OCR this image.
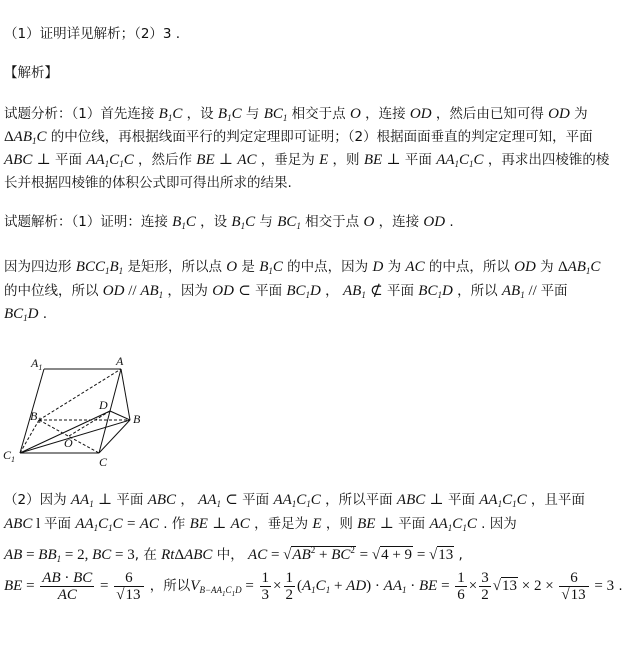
（1）证明详见解析；（2）3 .
【解析】
试题分析：（1）首先连接 $B_1C$ ，设 $B_1C$ 与 $BC_1$ 相交于点 O ，连接 OD ，然后由已知可得 OD 为
$\Delta AB_1C$ 的中位线，再根据线面平行的判定定理即可证明；（2）根据面面垂直的判定定理可知，平面
ABC ⊥ 平面 $AA_1C_1C$ ，然后作 BE ⊥ AC ，垂足为 E ，则 BE ⊥ 平面 $AA_1C_1C$ ，再求出四棱锥的棱
长并根据四棱锥的体积公式即可得出所求的结果.
试题解析：（1）证明：连接 $B_1C$ ，设 $B_1C$ 与 $BC_1$ 相交于点 O ，连接 OD .
因为四边形 $BCC_1B_1$ 是矩形，所以点 O 是 $B_1C$ 的中点，因为 D 为 AC 的中点，所以 OD 为 $\Delta AB_1C$
的中位线，所以 OD // $AB_1$ ，因为 OD ⊂ 平面 $BC_1D$ ， $AB_1$ ⊄ 平面 $BC_1D$ ，所以 $AB_1$ // 平面
$BC_1D$ .
$A_1$	A
$B_1$
D
B
O
$C_1$	C
（2）因为 $AA_1$ ⊥ 平面 ABC ， $AA_1$ ⊂ 平面 $AA_1C_1C$ ，所以平面 ABC ⊥ 平面 $AA_1C_1C$ ，且平面
ABC l 平面 $AA_1C_1C$ = AC . 作 BE ⊥ AC ，垂足为 E ，则 BE ⊥ 平面 $AA_1C_1C$ . 因为
AB = $BB_1 = 2$, BC = 3, 在 RtΔABC 中， AC = $√AB^2 + BC^2 = √4 + 9 = √13$ ,
BE = $\frac{AB \cdot BC}{AC} = \frac{6}{√13}$ ，所以$V_{B-AA_1C_1D} = \frac{1}{3} \times \frac{1}{2} (A_1C_1 + AD) \cdot AA_1$ · BE = $\frac{1}{6} \times \frac{3}{2} √13 \times 2 \times \frac{6}{√13} = 3$ .
